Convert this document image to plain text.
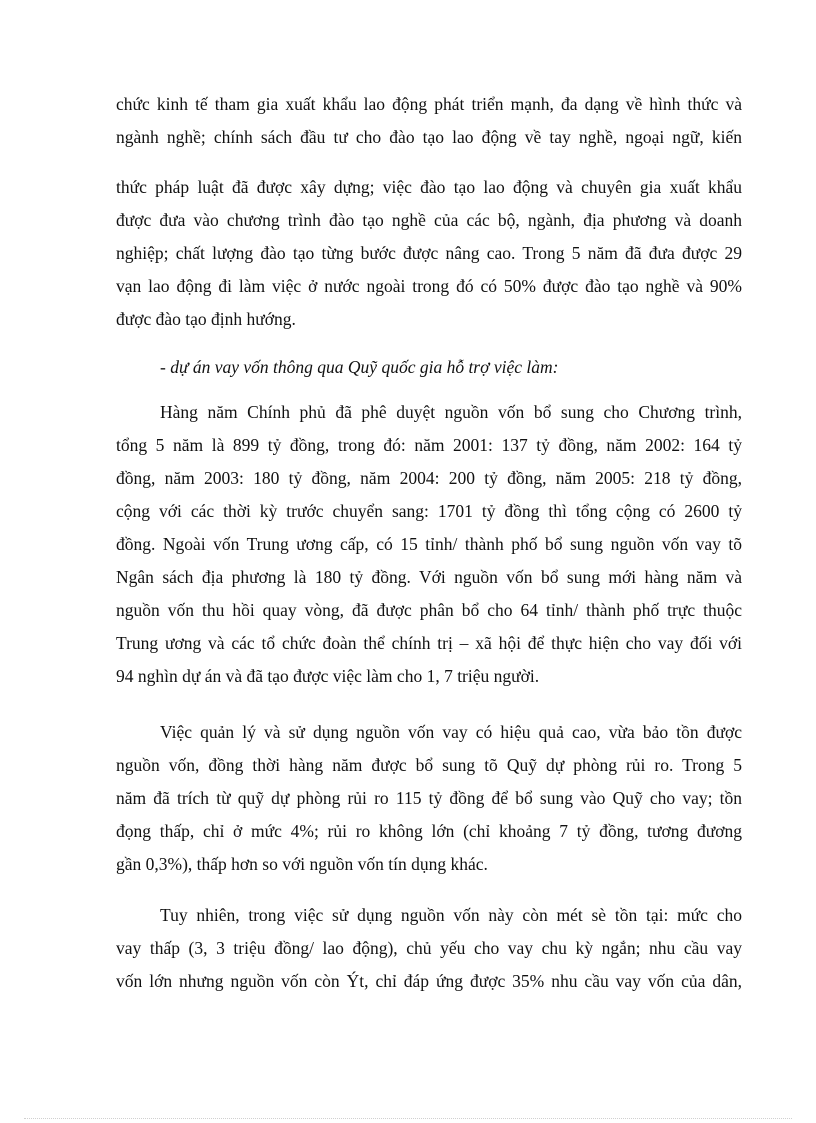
chức kinh tế tham gia xuất khẩu lao động phát triển mạnh, đa dạng về hình thức và
ngành nghề; chính sách đầu tư cho đào tạo lao động về tay nghề, ngoại ngữ, kiến
thức pháp luật đã được xây dựng; việc đào tạo lao động và chuyên gia xuất khẩu
được đưa vào chương trình đào tạo nghề của các bộ, ngành, địa phương và doanh
nghiệp; chất lượng đào tạo từng bước được nâng cao. Trong 5 năm đã đưa được 29
vạn lao động đi làm việc ở nước ngoài trong đó có 50% được đào tạo nghề và 90%
được đào tạo định hướng.

- dự án vay vốn thông qua Quỹ quốc gia hỗ trợ việc làm:

Hàng năm Chính phủ đã phê duyệt nguồn vốn bổ sung cho Chương trình,
tổng 5 năm là 899 tỷ đồng, trong đó: năm 2001: 137 tỷ đồng, năm 2002: 164 tỷ
đồng, năm 2003: 180 tỷ đồng, năm 2004: 200 tỷ đồng, năm 2005: 218 tỷ đồng,
cộng với các thời kỳ trước chuyển sang: 1701 tỷ đồng thì tổng cộng có 2600 tỷ
đồng. Ngoài vốn Trung ương cấp, có 15 tỉnh/ thành phố bổ sung nguồn vốn vay tõ
Ngân sách địa phương là 180 tỷ đồng. Với nguồn vốn bổ sung mới hàng năm và
nguồn vốn thu hồi quay vòng, đã được phân bổ cho 64 tỉnh/ thành phố trực thuộc
Trung ương và các tổ chức đoàn thể chính trị – xã hội để thực hiện cho vay đối với
94 nghìn dự án và đã tạo được việc làm cho 1, 7 triệu người.
Việc quản lý và sử dụng nguồn vốn vay có hiệu quả cao, vừa bảo tồn được
nguồn vốn, đồng thời hàng năm được bổ sung tõ Quỹ dự phòng rủi ro. Trong 5
năm đã trích từ quỹ dự phòng rủi ro 115 tỷ đồng để bổ sung vào Quỹ cho vay; tồn
đọng thấp, chỉ ở mức 4%; rủi ro không lớn (chỉ khoảng 7 tỷ đồng, tương đương
gần 0,3%), thấp hơn so với nguồn vốn tín dụng khác.
Tuy nhiên, trong việc sử dụng nguồn vốn này còn mét sè tồn tại: mức cho
vay thấp (3, 3 triệu đồng/ lao động), chủ yếu cho vay chu kỳ ngắn; nhu cầu vay
vốn lớn nhưng nguồn vốn còn Ýt, chỉ đáp ứng được 35% nhu cầu vay vốn của dân,
